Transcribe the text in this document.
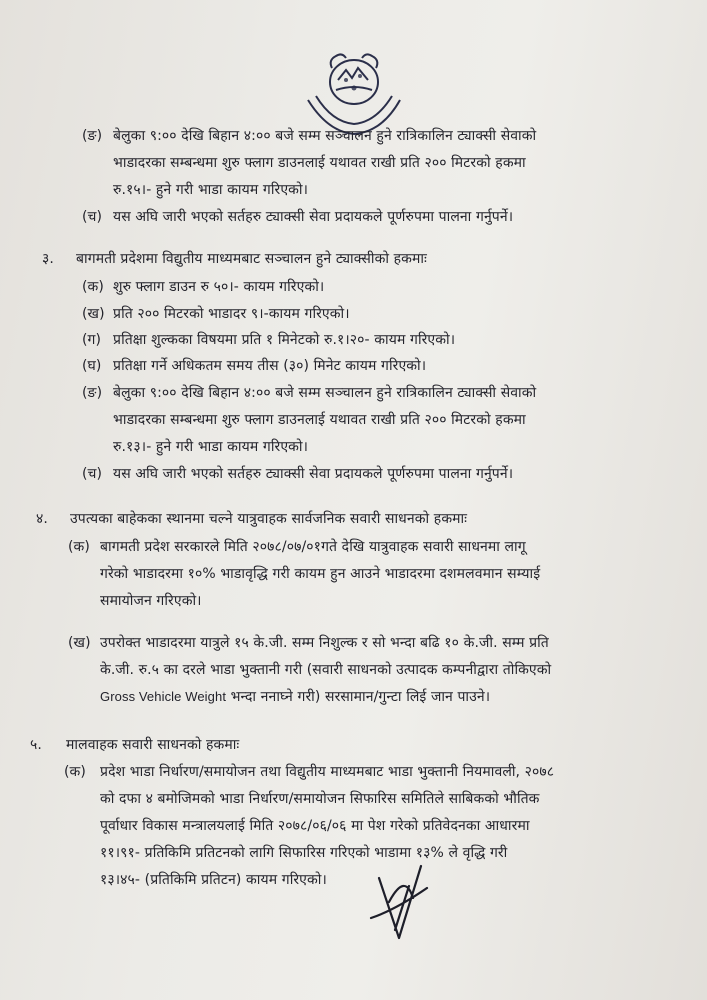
(ङ) बेलुका ९:०० देखि बिहान ४:०० बजे सम्म सञ्चालन हुने रात्रिकालिन ट्याक्सी सेवाको
भाडादरका सम्बन्धमा शुरु फ्लाग डाउनलाई यथावत राखी प्रति २०० मिटरको हकमा
रु.१५।- हुने गरी भाडा कायम गरिएको।
(च) यस अघि जारी भएको सर्तहरु ट्याक्सी सेवा प्रदायकले पूर्णरुपमा पालना गर्नुपर्ने।
३. बागमती प्रदेशमा विद्युतीय माध्यमबाट सञ्चालन हुने ट्याक्सीको हकमाः
(क) शुरु फ्लाग डाउन रु ५०।- कायम गरिएको।
(ख) प्रति २०० मिटरको भाडादर ९।-कायम गरिएको।
(ग) प्रतिक्षा शुल्कका विषयमा प्रति १ मिनेटको रु.१।२०- कायम गरिएको।
(घ) प्रतिक्षा गर्ने अधिकतम समय तीस (३०) मिनेट कायम गरिएको।
(ङ) बेलुका ९:०० देखि बिहान ४:०० बजे सम्म सञ्चालन हुने रात्रिकालिन ट्याक्सी सेवाको
भाडादरका सम्बन्धमा शुरु फ्लाग डाउनलाई यथावत राखी प्रति २०० मिटरको हकमा
रु.१३।- हुने गरी भाडा कायम गरिएको।
(च) यस अघि जारी भएको सर्तहरु ट्याक्सी सेवा प्रदायकले पूर्णरुपमा पालना गर्नुपर्ने।
४. उपत्यका बाहेकका स्थानमा चल्ने यात्रुवाहक सार्वजनिक सवारी साधनको हकमाः
(क) बागमती प्रदेश सरकारले मिति २०७८/०७/०१गते देखि यात्रुवाहक सवारी साधनमा लागू
गरेको भाडादरमा १०% भाडावृद्धि गरी कायम हुन आउने भाडादरमा दशमलवमान सम्याई
समायोजन गरिएको।
(ख) उपरोक्त भाडादरमा यात्रुले १५ के.जी. सम्म निशुल्क र सो भन्दा बढि १० के.जी. सम्म प्रति
के.जी. रु.५ का दरले भाडा भुक्तानी गरी (सवारी साधनको उत्पादक कम्पनीद्वारा तोकिएको
Gross Vehicle Weight भन्दा ननाघ्ने गरी) सरसामान/गुन्टा लिई जान पाउने।
५. मालवाहक सवारी साधनको हकमाः
(क) प्रदेश भाडा निर्धारण/समायोजन तथा विद्युतीय माध्यमबाट भाडा भुक्तानी नियमावली, २०७८
को दफा ४ बमोजिमको भाडा निर्धारण/समायोजन सिफारिस समितिले साबिकको भौतिक
पूर्वाधार विकास मन्त्रालयलाई मिति २०७८/०६/०६ मा पेश गरेको प्रतिवेदनका आधारमा
११।९१- प्रतिकिमि प्रतिटनको लागि सिफारिस गरिएको भाडामा १३% ले वृद्धि गरी
१३।४५- (प्रतिकिमि प्रतिटन) कायम गरिएको।
